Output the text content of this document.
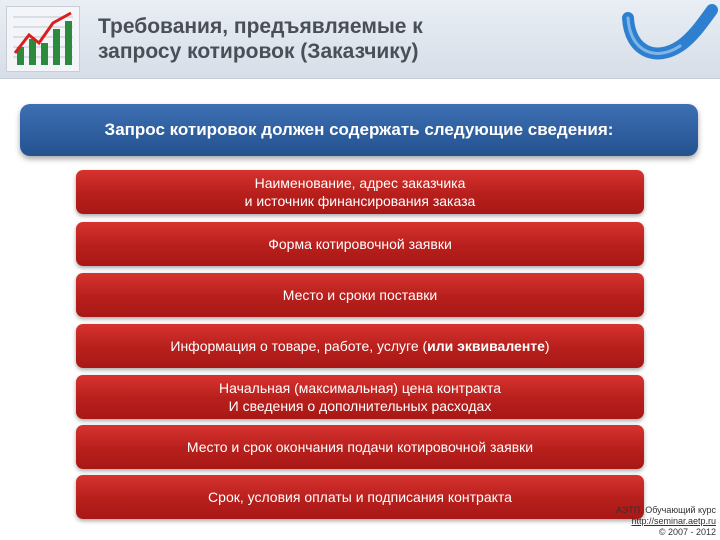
Требования, предъявляемые к
запросу котировок (Заказчику)
Запрос котировок должен содержать следующие сведения:
Наименование, адрес заказчика
и источник финансирования заказа
Форма котировочной заявки
Место и сроки поставки
Информация о товаре, работе, услуге (или эквиваленте)
Начальная (максимальная) цена контракта
И сведения о дополнительных расходах
Место и срок окончания подачи котировочной заявки
Срок, условия оплаты и подписания контракта
АЭТП. Обучающий курс
http://seminar.aetp.ru
© 2007 - 2012
